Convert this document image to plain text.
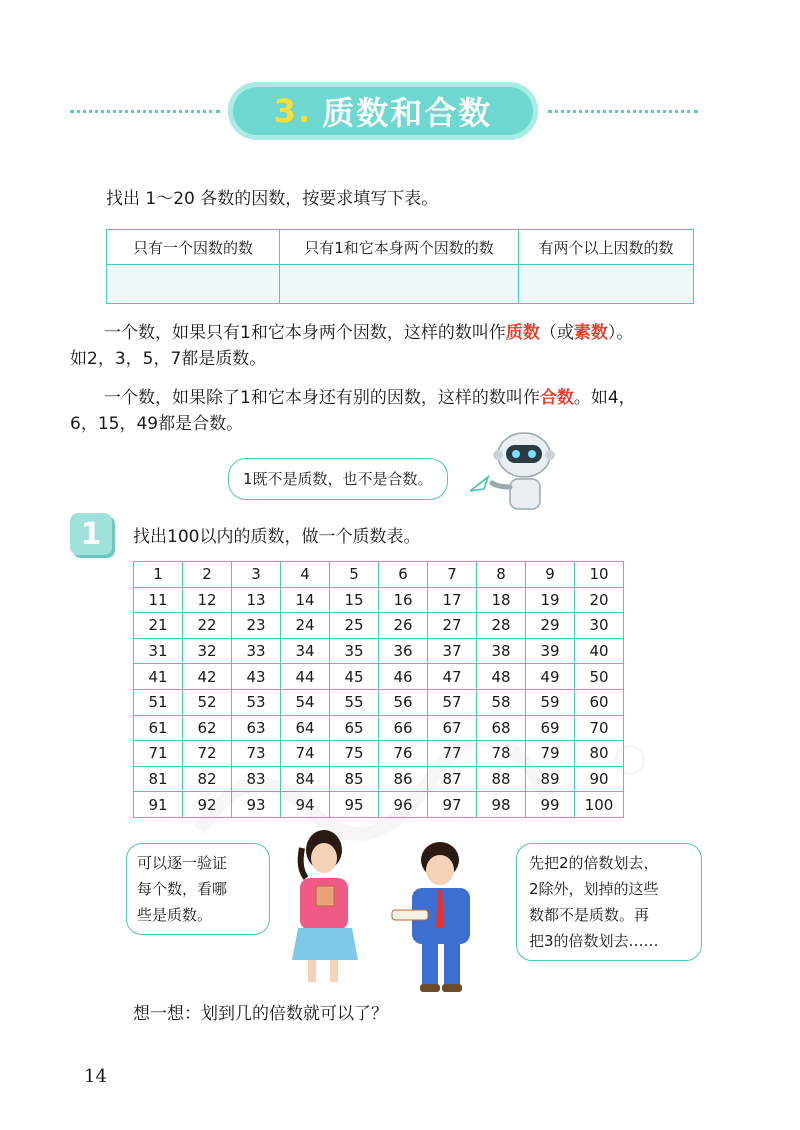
3. 质数和合数
找出 1～20 各数的因数，按要求填写下表。
只有一个因数的数	只有1和它本身两个因数的数	有两个以上因数的数

一个数，如果只有1和它本身两个因数，这样的数叫作质数（或素数）。
如2，3，5，7都是质数。
一个数，如果除了1和它本身还有别的因数，这样的数叫作合数。如4，
6，15，49都是合数。
1既不是质数，也不是合数。
1	找出100以内的质数，做一个质数表。
1	2	3	4	5	6	7	8	9	10
11	12	13	14	15	16	17	18	19	20
21	22	23	24	25	26	27	28	29	30
31	32	33	34	35	36	37	38	39	40
41	42	43	44	45	46	47	48	49	50
51	52	53	54	55	56	57	58	59	60
61	62	63	64	65	66	67	68	69	70
71	72	73	74	75	76	77	78	79	80
81	82	83	84	85	86	87	88	89	90
91	92	93	94	95	96	97	98	99	100
可以逐一验证
每个数，看哪
些是质数。
先把2的倍数划去，
2除外，划掉的这些
数都不是质数。再
把3的倍数划去……
想一想：划到几的倍数就可以了？
14
